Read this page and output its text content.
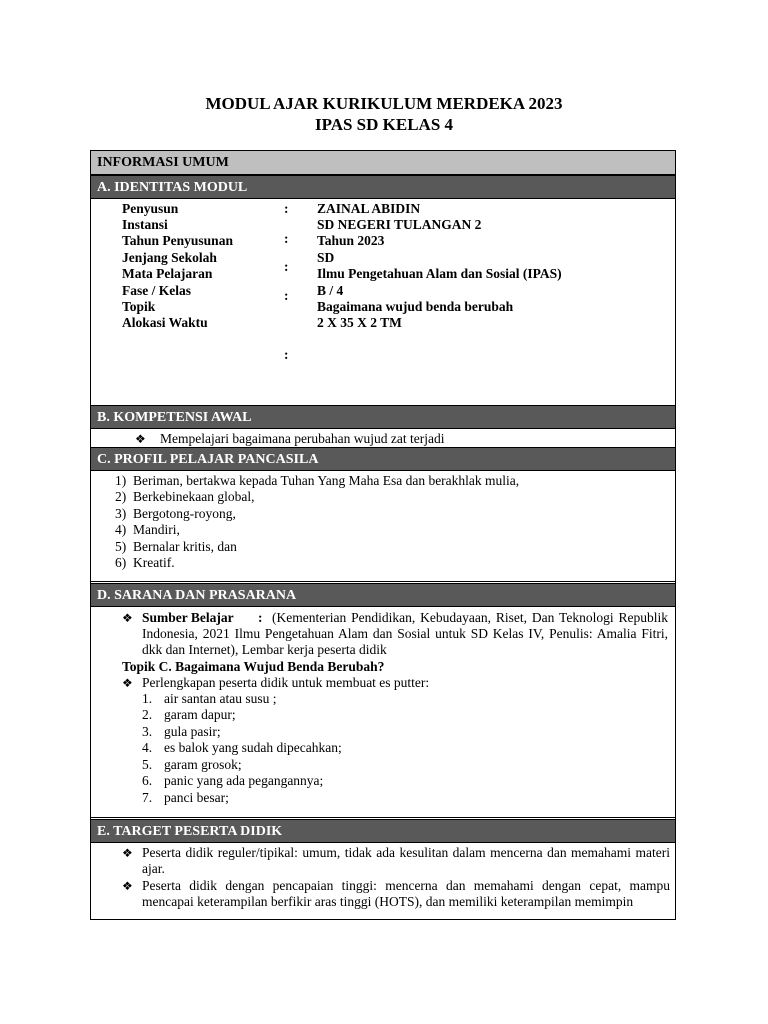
MODUL AJAR KURIKULUM MERDEKA 2023
IPAS SD KELAS 4
INFORMASI UMUM
A. IDENTITAS MODUL
Penyusun
Instansi
Tahun Penyusunan
Jenjang Sekolah
Mata Pelajaran
Fase / Kelas
Topik
Alokasi Waktu
:
:
:
:
:
ZAINAL ABIDIN
SD NEGERI TULANGAN 2
Tahun 2023
SD
Ilmu Pengetahuan Alam dan Sosial (IPAS)
B / 4
Bagaimana wujud benda berubah
2 X 35 X 2 TM
B. KOMPETENSI AWAL
❖ Mempelajari bagaimana perubahan wujud zat terjadi
C. PROFIL PELAJAR PANCASILA
1) Beriman, bertakwa kepada Tuhan Yang Maha Esa dan berakhlak mulia,
2) Berkebinekaan global,
3) Bergotong-royong,
4) Mandiri,
5) Bernalar kritis, dan
6) Kreatif.
D. SARANA DAN PRASARANA
❖ Sumber Belajar : (Kementerian Pendidikan, Kebudayaan, Riset, Dan Teknologi Republik
Indonesia, 2021 Ilmu Pengetahuan Alam dan Sosial untuk SD Kelas IV, Penulis: Amalia Fitri,
dkk dan Internet), Lembar kerja peserta didik
Topik C. Bagaimana Wujud Benda Berubah?
❖ Perlengkapan peserta didik untuk membuat es putter:
1. air santan atau susu ;
2. garam dapur;
3. gula pasir;
4. es balok yang sudah dipecahkan;
5. garam grosok;
6. panic yang ada pegangannya;
7. panci besar;
E. TARGET PESERTA DIDIK
❖ Peserta didik reguler/tipikal: umum, tidak ada kesulitan dalam mencerna dan memahami materi
ajar.
❖ Peserta didik dengan pencapaian tinggi: mencerna dan memahami dengan cepat, mampu
mencapai keterampilan berfikir aras tinggi (HOTS), dan memiliki keterampilan memimpin
